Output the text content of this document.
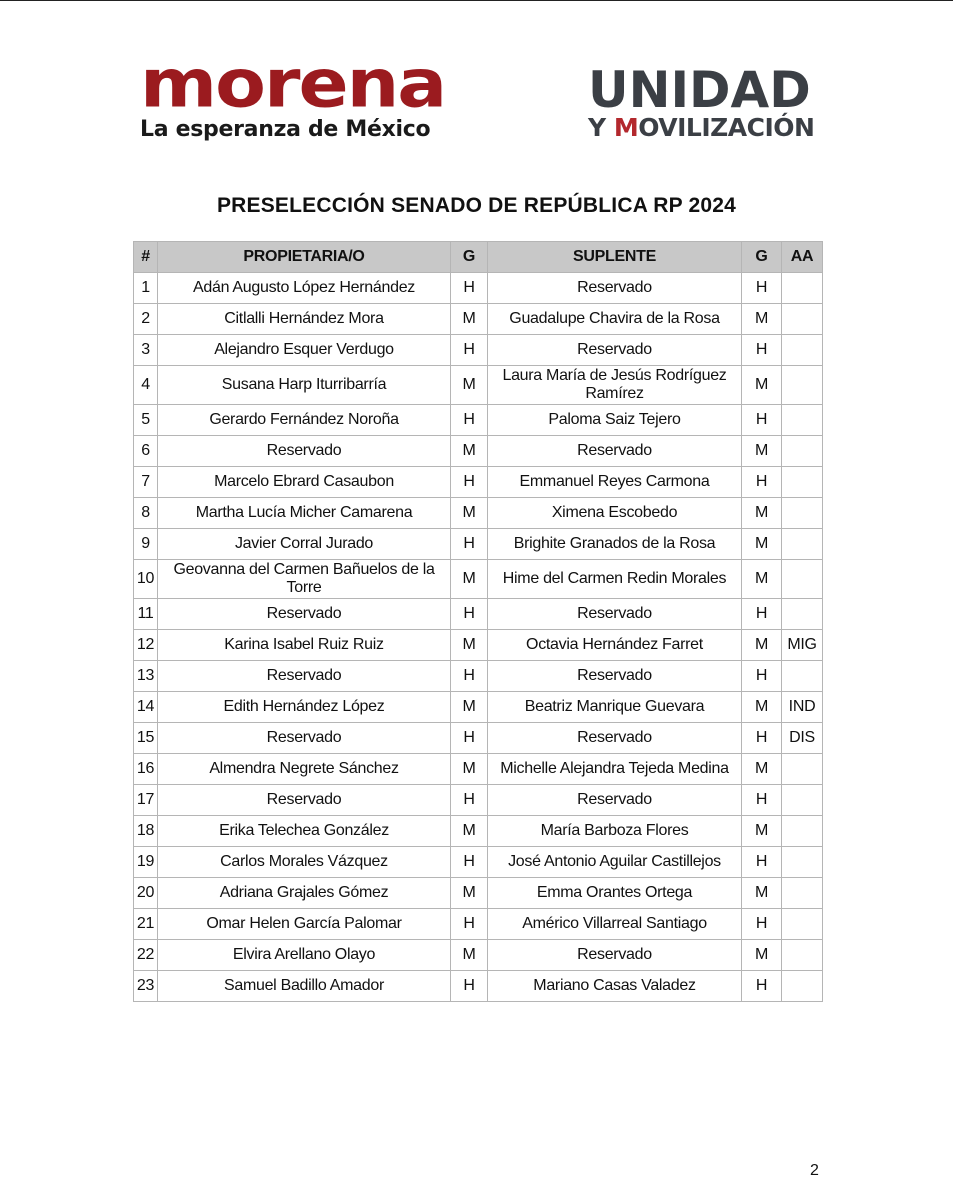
morena
La esperanza de México
UNIDAD
Y MOVILIZACIÓN
PRESELECCIÓN SENADO DE REPÚBLICA RP 2024
#	PROPIETARIA/O	G	SUPLENTE	G	AA
1	Adán Augusto López Hernández	H	Reservado	H	
2	Citlalli Hernández Mora	M	Guadalupe Chavira de la Rosa	M	
3	Alejandro Esquer Verdugo	H	Reservado	H	
4	Susana Harp Iturribarría	M	Laura María de Jesús Rodríguez Ramírez	M	
5	Gerardo Fernández Noroña	H	Paloma Saiz Tejero	H	
6	Reservado	M	Reservado	M	
7	Marcelo Ebrard Casaubon	H	Emmanuel Reyes Carmona	H	
8	Martha Lucía Micher Camarena	M	Ximena Escobedo	M	
9	Javier Corral Jurado	H	Brighite Granados de la Rosa	M	
10	Geovanna del Carmen Bañuelos de la Torre	M	Hime del Carmen Redin Morales	M	
11	Reservado	H	Reservado	H	
12	Karina Isabel Ruiz Ruiz	M	Octavia Hernández Farret	M	MIG
13	Reservado	H	Reservado	H	
14	Edith Hernández López	M	Beatriz Manrique Guevara	M	IND
15	Reservado	H	Reservado	H	DIS
16	Almendra Negrete Sánchez	M	Michelle Alejandra Tejeda Medina	M	
17	Reservado	H	Reservado	H	
18	Erika Telechea González	M	María Barboza Flores	M	
19	Carlos Morales Vázquez	H	José Antonio Aguilar Castillejos	H	
20	Adriana Grajales Gómez	M	Emma Orantes Ortega	M	
21	Omar Helen García Palomar	H	Américo Villarreal Santiago	H	
22	Elvira Arellano Olayo	M	Reservado	M	
23	Samuel Badillo Amador	H	Mariano Casas Valadez	H	
2
